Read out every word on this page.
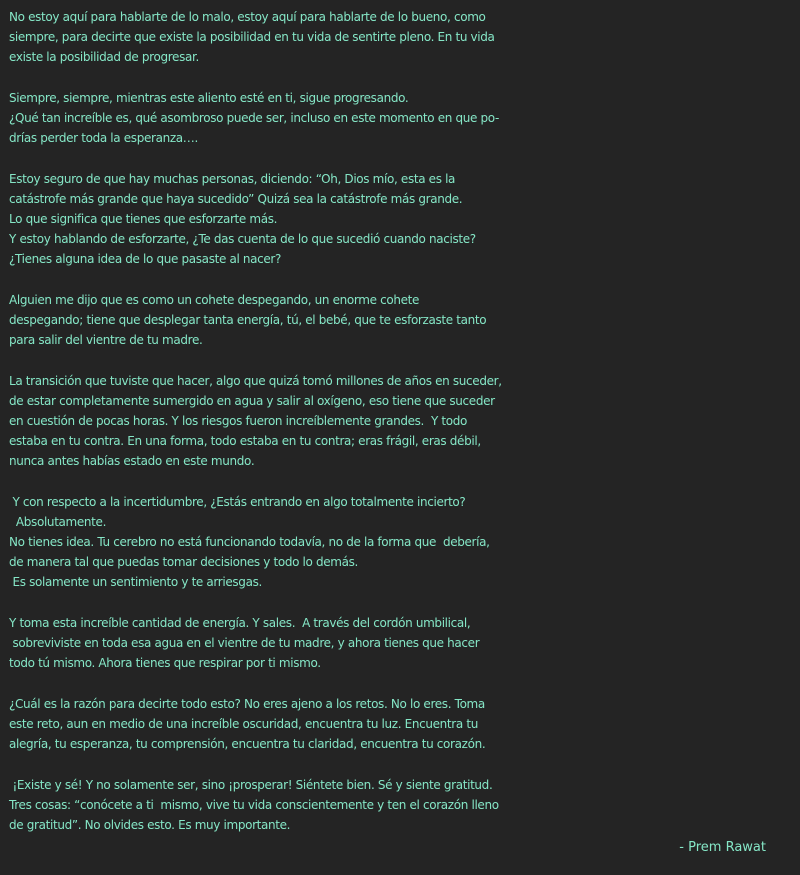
No estoy aquí para hablarte de lo malo, estoy aquí para hablarte de lo bueno, como
siempre, para decirte que existe la posibilidad en tu vida de sentirte pleno. En tu vida
existe la posibilidad de progresar.
Siempre, siempre, mientras este aliento esté en ti, sigue progresando.
¿Qué tan increíble es, qué asombroso puede ser, incluso en este momento en que po-
drías perder toda la esperanza….
Estoy seguro de que hay muchas personas, diciendo: “Oh, Dios mío, esta es la
catástrofe más grande que haya sucedido” Quizá sea la catástrofe más grande.
Lo que significa que tienes que esforzarte más.
Y estoy hablando de esforzarte, ¿Te das cuenta de lo que sucedió cuando naciste?
¿Tienes alguna idea de lo que pasaste al nacer?
Alguien me dijo que es como un cohete despegando, un enorme cohete
despegando; tiene que desplegar tanta energía, tú, el bebé, que te esforzaste tanto
para salir del vientre de tu madre.
La transición que tuviste que hacer, algo que quizá tomó millones de años en suceder,
de estar completamente sumergido en agua y salir al oxígeno, eso tiene que suceder
en cuestión de pocas horas. Y los riesgos fueron increíblemente grandes.  Y todo
estaba en tu contra. En una forma, todo estaba en tu contra; eras frágil, eras débil,
nunca antes habías estado en este mundo.
Y con respecto a la incertidumbre, ¿Estás entrando en algo totalmente incierto?
Absolutamente.
No tienes idea. Tu cerebro no está funcionando todavía, no de la forma que  debería,
de manera tal que puedas tomar decisiones y todo lo demás.
Es solamente un sentimiento y te arriesgas.
Y toma esta increíble cantidad de energía. Y sales.  A través del cordón umbilical,
sobreviviste en toda esa agua en el vientre de tu madre, y ahora tienes que hacer
todo tú mismo. Ahora tienes que respirar por ti mismo.
¿Cuál es la razón para decirte todo esto? No eres ajeno a los retos. No lo eres. Toma
este reto, aun en medio de una increíble oscuridad, encuentra tu luz. Encuentra tu
alegría, tu esperanza, tu comprensión, encuentra tu claridad, encuentra tu corazón.
¡Existe y sé! Y no solamente ser, sino ¡prosperar! Siéntete bien. Sé y siente gratitud.
Tres cosas: “conócete a ti  mismo, vive tu vida conscientemente y ten el corazón lleno
de gratitud”. No olvides esto. Es muy importante.
- Prem Rawat
